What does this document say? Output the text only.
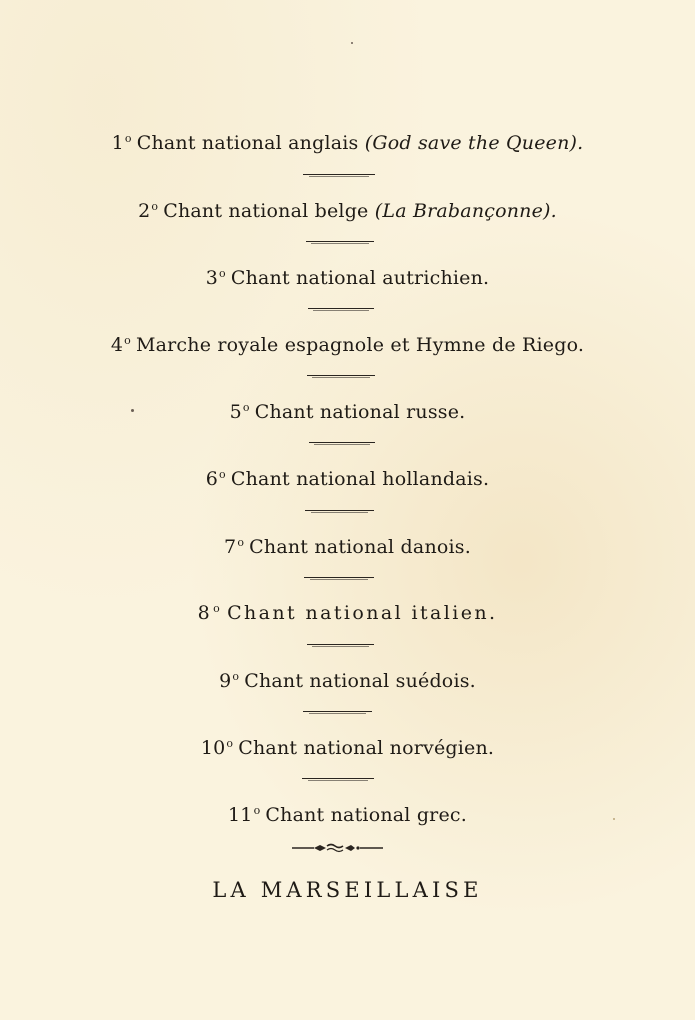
1$^o$ Chant national anglais (God save the Queen).
2$^o$ Chant national belge (La Brabançonne).
3$^o$ Chant national autrichien.
4$^o$ Marche royale espagnole et Hymne de Riego.
5$^o$ Chant national russe.
6$^o$ Chant national hollandais.
7$^o$ Chant national danois.
8$^o$ Chant national italien.
9$^o$ Chant national suédois.
10$^o$ Chant national norvégien.
11$^o$ Chant national grec.
LA MARSEILLAISE
